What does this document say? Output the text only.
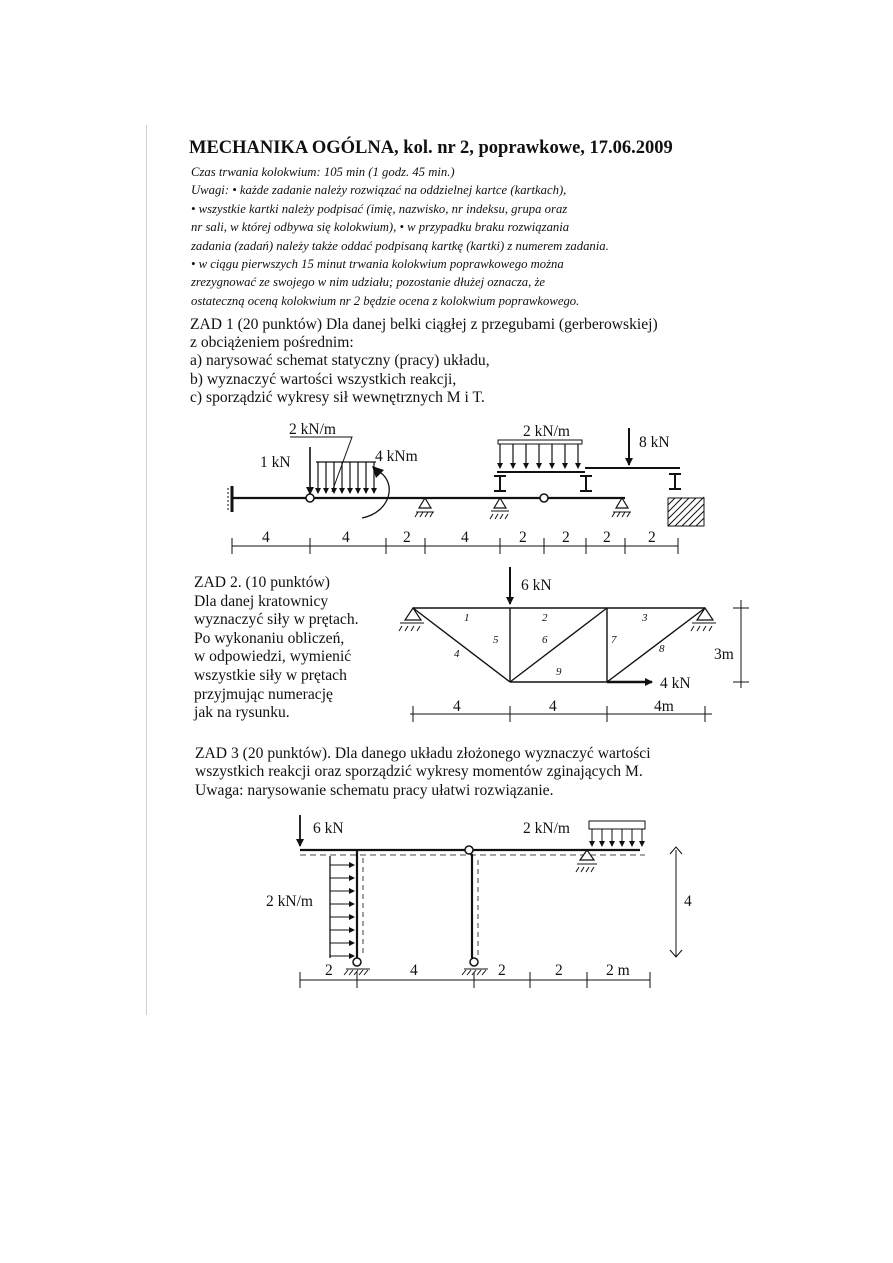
MECHANIKA OGÓLNA, kol. nr 2, poprawkowe, 17.06.2009
Czas trwania kolokwium: 105 min (1 godz. 45 min.)
Uwagi: • każde zadanie należy rozwiązać na oddzielnej kartce (kartkach),
• wszystkie kartki należy podpisać (imię, nazwisko, nr indeksu, grupa oraz
nr sali, w której odbywa się kolokwium), • w przypadku braku rozwiązania
zadania (zadań) należy także oddać podpisaną kartkę (kartki) z numerem zadania.
• w ciągu pierwszych 15 minut trwania kolokwium poprawkowego można
zrezygnować ze swojego w nim udziału; pozostanie dłużej oznacza, że
ostateczną oceną kolokwium nr 2 będzie ocena z kolokwium poprawkowego.
ZAD 1 (20 punktów) Dla danej belki ciągłej z przegubami (gerberowskiej)
z obciążeniem pośrednim:
a) narysować schemat statyczny (pracy) układu,
b) wyznaczyć wartości wszystkich reakcji,
c) sporządzić wykresy sił wewnętrznych M i T.
2 kN/m
1 kN	4 kNm
2 kN/m
8 kN
4	4	2	4	2 2 2 2
ZAD 2. (10 punktów)
Dla danej kratownicy
wyznaczyć siły w prętach.
Po wykonaniu obliczeń,
w odpowiedzi, wymienić
wszystkie siły w prętach
przyjmując numerację
jak na rysunku.
6 kN
4 kN
3m
1	2	3
4
5	6	7
8
9
4	4	4m
ZAD 3 (20 punktów). Dla danego układu złożonego wyznaczyć wartości
wszystkich reakcji oraz sporządzić wykresy momentów zginających M.
Uwaga: narysowanie schematu pracy ułatwi rozwiązanie.
6 kN	2 kN/m
2 kN/m	4
2	4	2	2	2 m
